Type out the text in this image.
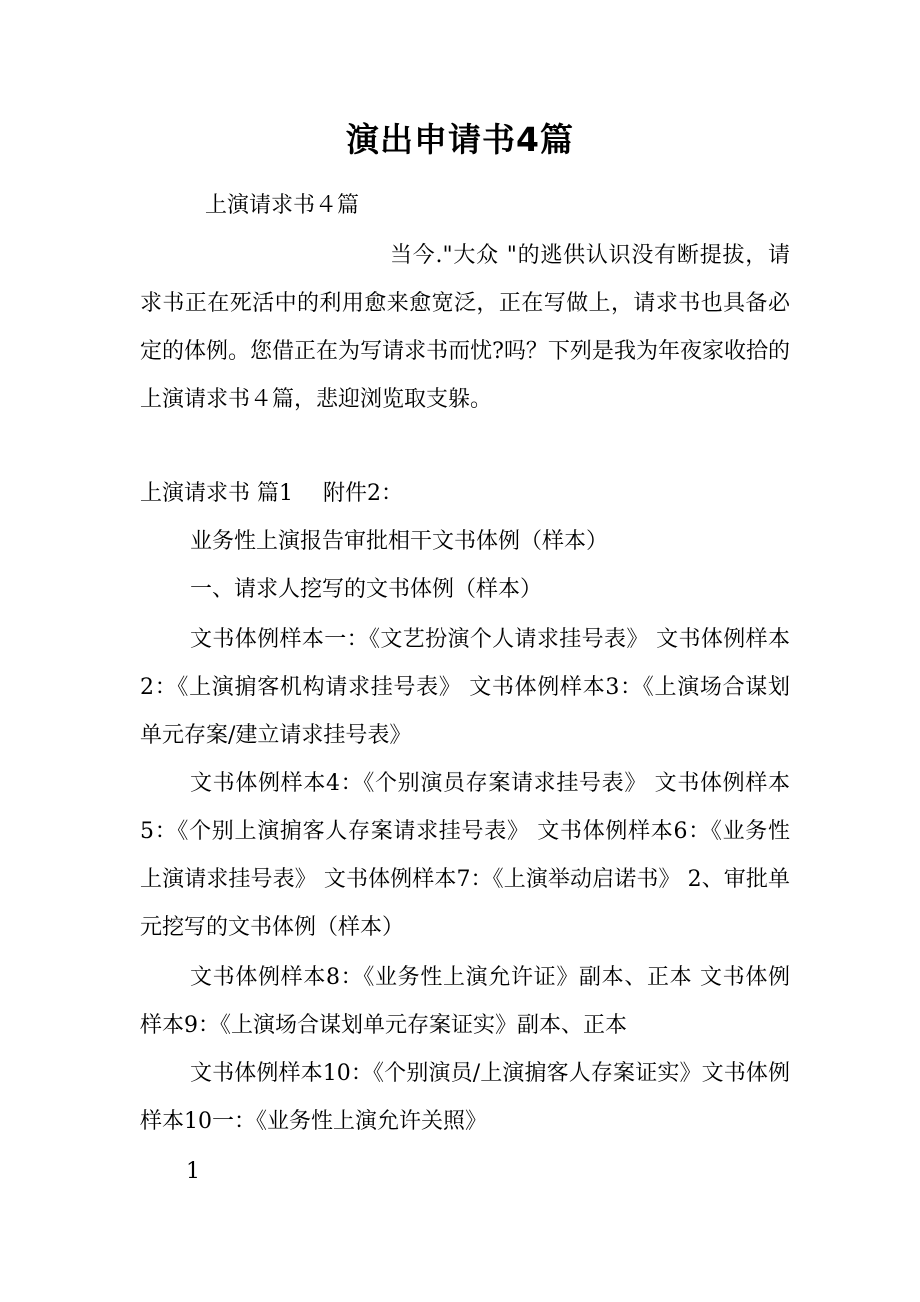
演出申请书4篇
上演请求书４篇
当今."大众 "的逃供认识没有断提拔，请求书正在死活中的利用愈来愈宽泛，正在写做上，请求书也具备必定的体例。您借正在为写请求书而忧?吗？下列是我为年夜家收拾的上演请求书４篇，悲迎浏览取支躲。
上演请求书 篇1 附件2：
业务性上演报告审批相干文书体例（样本）
一、请求人挖写的文书体例（样本）
文书体例样本一：《文艺扮演个人请求挂号表》 文书体例样本2：《上演掮客机构请求挂号表》 文书体例样本3：《上演场合谋划单元存案/建立请求挂号表》
文书体例样本4：《个别演员存案请求挂号表》 文书体例样本5：《个别上演掮客人存案请求挂号表》 文书体例样本6：《业务性上演请求挂号表》 文书体例样本7：《上演举动启诺书》 2、审批单元挖写的文书体例（样本）
文书体例样本8：《业务性上演允许证》副本、正本 文书体例样本9：《上演场合谋划单元存案证实》副本、正本
文书体例样本10：《个别演员/上演掮客人存案证实》文书体例样本10一：《业务性上演允许关照》
1
